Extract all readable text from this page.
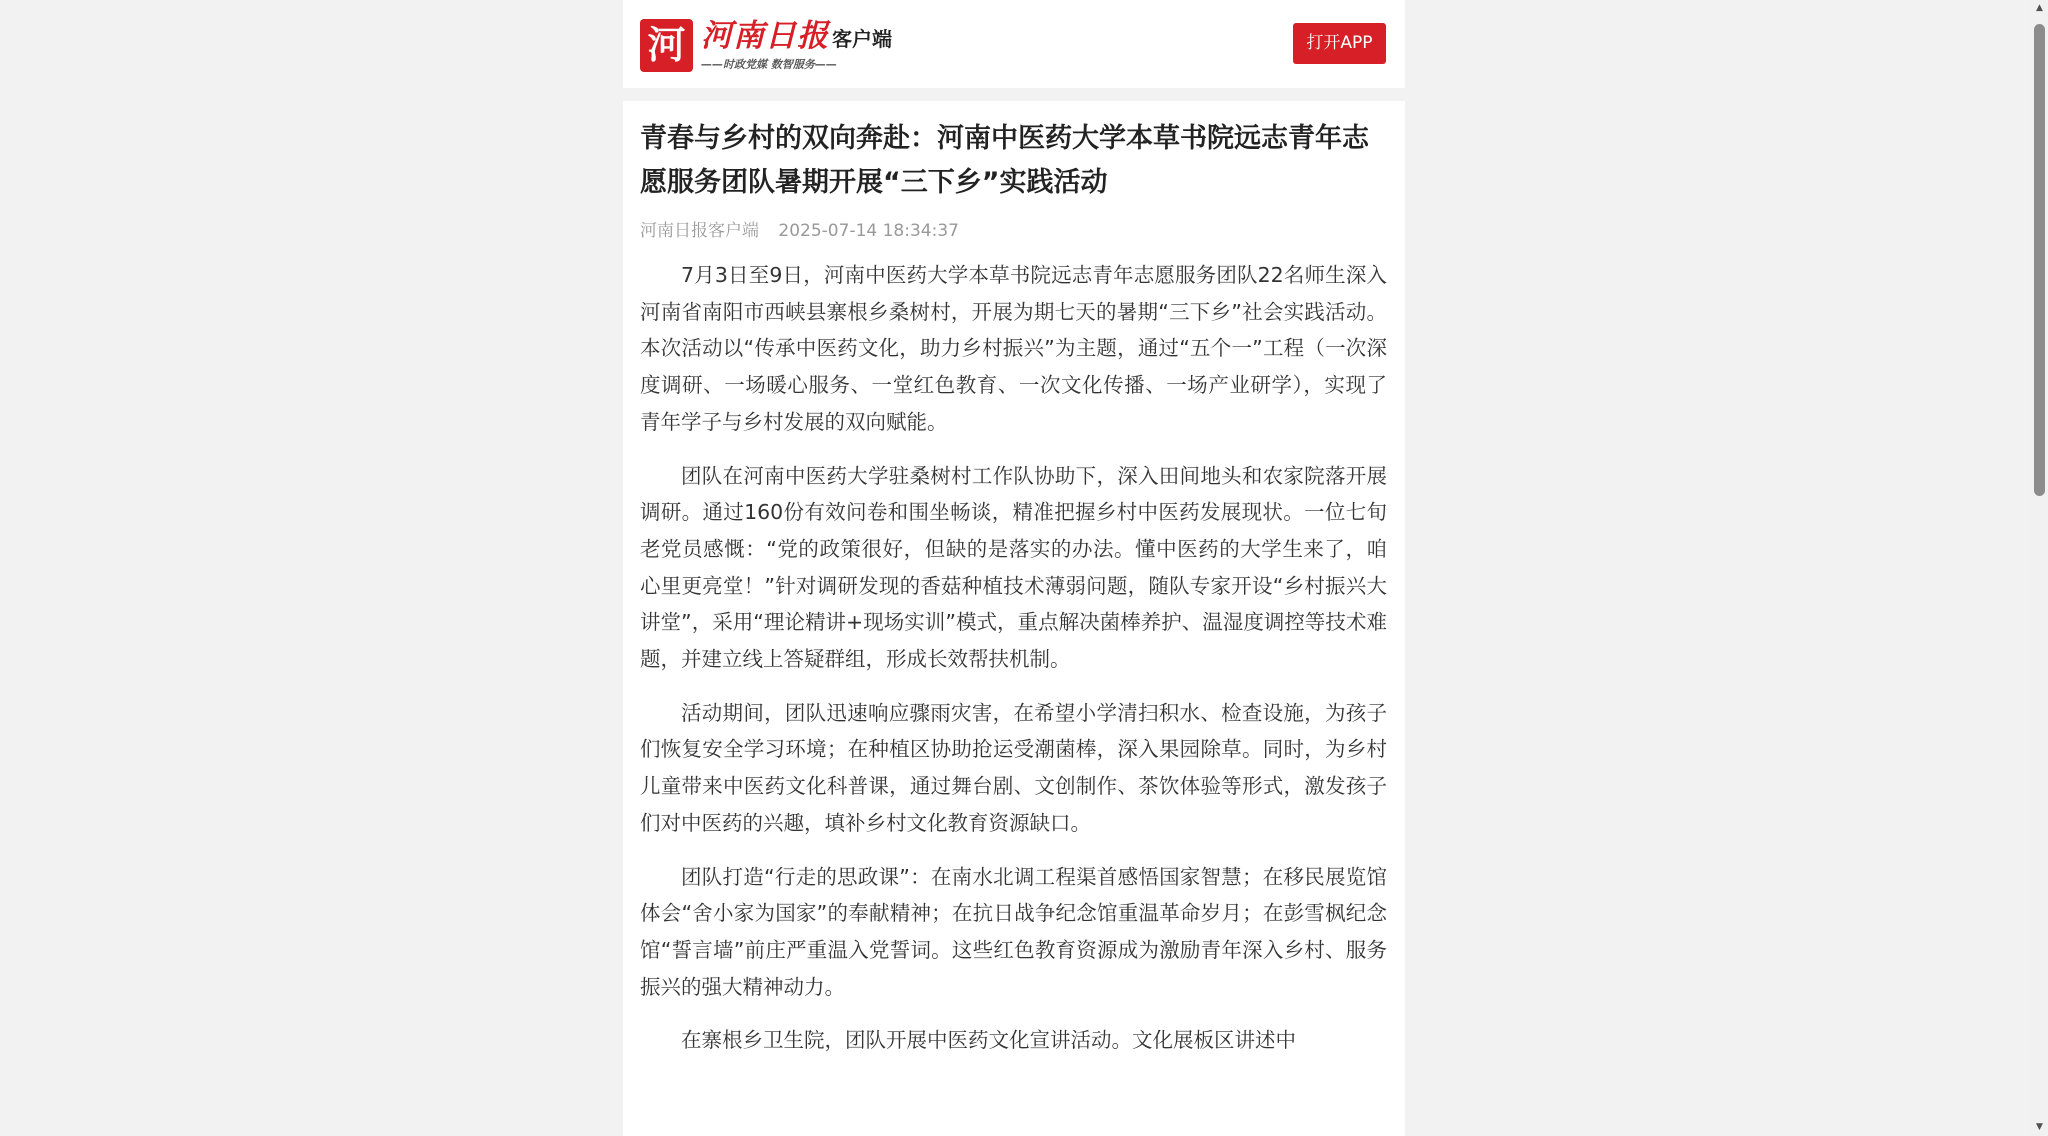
河 河南日报 客户端
——时政党媒 数智服务——
打开APP
青春与乡村的双向奔赴：河南中医药大学本草书院远志青年志愿服务团队暑期开展“三下乡”实践活动
河南日报客户端 2025-07-14 18:34:37

7月3日至9日，河南中医药大学本草书院远志青年志愿服务团队22名师生深入河南省南阳市西峡县寨根乡桑树村，开展为期七天的暑期“三下乡”社会实践活动。本次活动以“传承中医药文化，助力乡村振兴”为主题，通过“五个一”工程（一次深度调研、一场暖心服务、一堂红色教育、一次文化传播、一场产业研学），实现了青年学子与乡村发展的双向赋能。

团队在河南中医药大学驻桑树村工作队协助下，深入田间地头和农家院落开展调研。通过160份有效问卷和围坐畅谈，精准把握乡村中医药发展现状。一位七旬老党员感慨：“党的政策很好，但缺的是落实的办法。懂中医药的大学生来了，咱心里更亮堂！”针对调研发现的香菇种植技术薄弱问题，随队专家开设“乡村振兴大讲堂”，采用“理论精讲+现场实训”模式，重点解决菌棒养护、温湿度调控等技术难题，并建立线上答疑群组，形成长效帮扶机制。

活动期间，团队迅速响应骤雨灾害，在希望小学清扫积水、检查设施，为孩子们恢复安全学习环境；在种植区协助抢运受潮菌棒，深入果园除草。同时，为乡村儿童带来中医药文化科普课，通过舞台剧、文创制作、茶饮体验等形式，激发孩子们对中医药的兴趣，填补乡村文化教育资源缺口。

团队打造“行走的思政课”：在南水北调工程渠首感悟国家智慧；在移民展览馆体会“舍小家为国家”的奉献精神；在抗日战争纪念馆重温革命岁月；在彭雪枫纪念馆“誓言墙”前庄严重温入党誓词。这些红色教育资源成为激励青年深入乡村、服务振兴的强大精神动力。

在寨根乡卫生院，团队开展中医药文化宣讲活动。文化展板区讲述中

▲
▼
